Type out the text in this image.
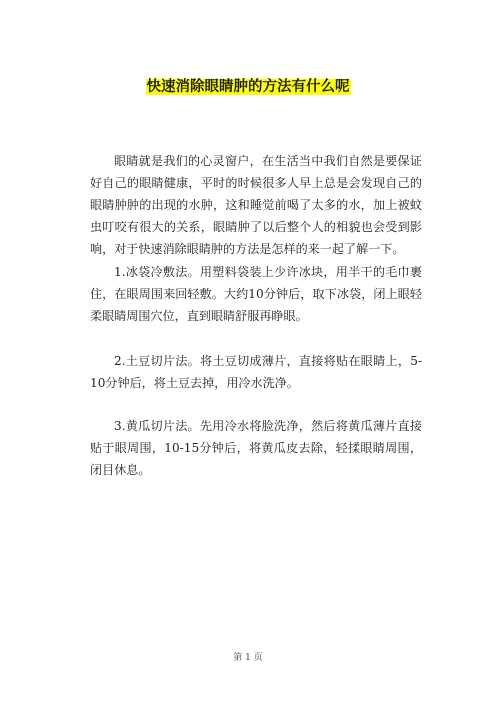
快速消除眼睛肿的方法有什么呢

眼睛就是我们的心灵窗户，在生活当中我们自然是要保证好自己的眼睛健康，平时的时候很多人早上总是会发现自己的眼睛肿肿的出现的水肿，这和睡觉前喝了太多的水，加上被蚊虫叮咬有很大的关系，眼睛肿了以后整个人的相貌也会受到影响，对于快速消除眼睛肿的方法是怎样的来一起了解一下。

1.冰袋冷敷法。用塑料袋装上少许冰块，用半干的毛巾裹住，在眼周围来回轻敷。大约10分钟后，取下冰袋，闭上眼轻柔眼睛周围穴位，直到眼睛舒服再睁眼。

2.土豆切片法。将土豆切成薄片，直接将贴在眼睛上，5-10分钟后，将土豆去掉，用冷水洗净。

3.黄瓜切片法。先用冷水将脸洗净，然后将黄瓜薄片直接贴于眼周围，10-15分钟后，将黄瓜皮去除，轻揉眼睛周围，闭目休息。

第 1 页
